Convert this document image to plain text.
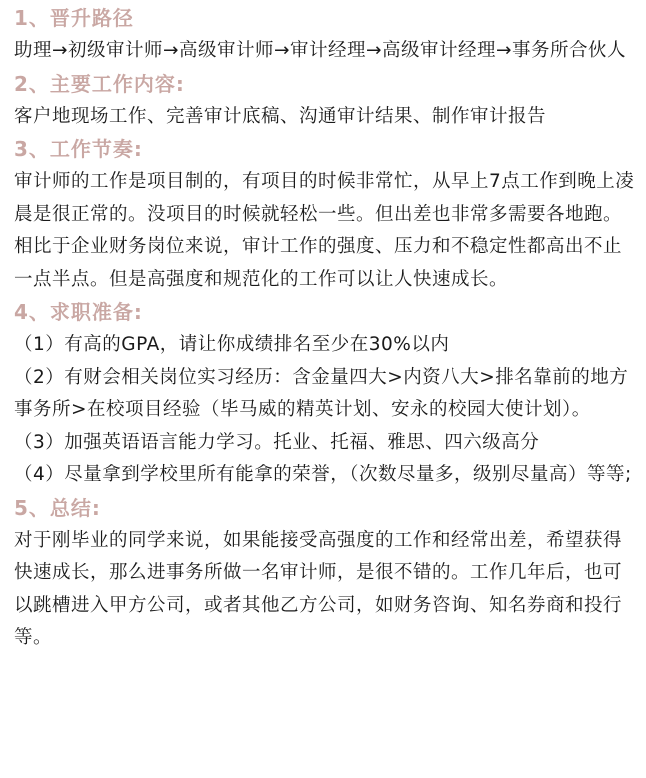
1、晋升路径

助理→初级审计师→高级审计师→审计经理→高级审计经理→事务所合伙人

2、主要工作内容:

客户地现场工作、完善审计底稿、沟通审计结果、制作审计报告

3、工作节奏:

审计师的工作是项目制的，有项目的时候非常忙，从早上7点工作到晚上凌晨是很正常的。没项目的时候就轻松一些。但出差也非常多需要各地跑。相比于企业财务岗位来说，审计工作的强度、压力和不稳定性都高出不止一点半点。但是高强度和规范化的工作可以让人快速成长。

4、求职准备:

（1）有高的GPA，请让你成绩排名至少在30%以内

（2）有财会相关岗位实习经历：含金量四大>内资八大>排名靠前的地方事务所>在校项目经验（毕马威的精英计划、安永的校园大使计划）。

（3）加强英语语言能力学习。托业、托福、雅思、四六级高分

（4）尽量拿到学校里所有能拿的荣誉，（次数尽量多，级别尽量高）等等;

5、总结:

对于刚毕业的同学来说，如果能接受高强度的工作和经常出差，希望获得快速成长，那么进事务所做一名审计师，是很不错的。工作几年后，也可以跳槽进入甲方公司，或者其他乙方公司，如财务咨询、知名券商和投行等。
